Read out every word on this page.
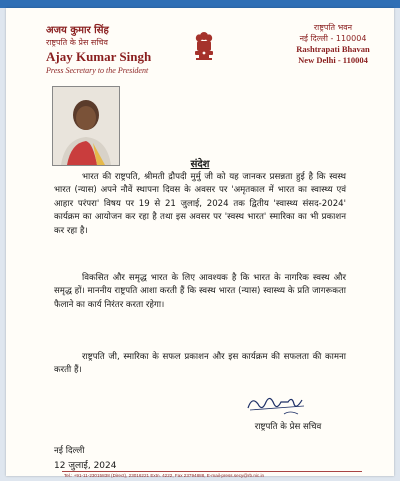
अजय कुमार सिंह
राष्ट्रपति के प्रेस सचिव
Ajay Kumar Singh
Press Secretary to the President
राष्ट्रपति भवन
नई दिल्ली - 110004
Rashtrapati Bhavan
New Delhi - 110004
संदेश
भारत की राष्ट्रपति, श्रीमती द्रौपदी मुर्मु जी को यह जानकर प्रसन्नता हुई है कि स्वस्थ भारत (न्यास) अपने नौवें स्थापना दिवस के अवसर पर 'अमृतकाल में भारत का स्वास्थ्य एवं आहार परंपरा' विषय पर 19 से 21 जुलाई, 2024 तक द्वितीय 'स्वास्थ्य संसद-2024' कार्यक्रम का आयोजन कर रहा है तथा इस अवसर पर 'स्वस्थ भारत' स्मारिका का भी प्रकाशन कर रहा है।
विकसित और समृद्ध भारत के लिए आवश्यक है कि भारत के नागरिक स्वस्थ और समृद्ध हों। माननीय राष्ट्रपति आशा करती हैं कि स्वस्थ भारत (न्यास) स्वास्थ्य के प्रति जागरूकता फैलाने का कार्य निरंतर करता रहेगा।
राष्ट्रपति जी, स्मारिका के सफल प्रकाशन और इस कार्यक्रम की सफलता की कामना करती हैं।
राष्ट्रपति के प्रेस सचिव
नई दिल्ली
12 जुलाई, 2024
Tel.: +91-11-23015838 (Direct), 23016221 Extn. 4222, Fax 23794888, E-mail-press.secy@rb.nic.in
